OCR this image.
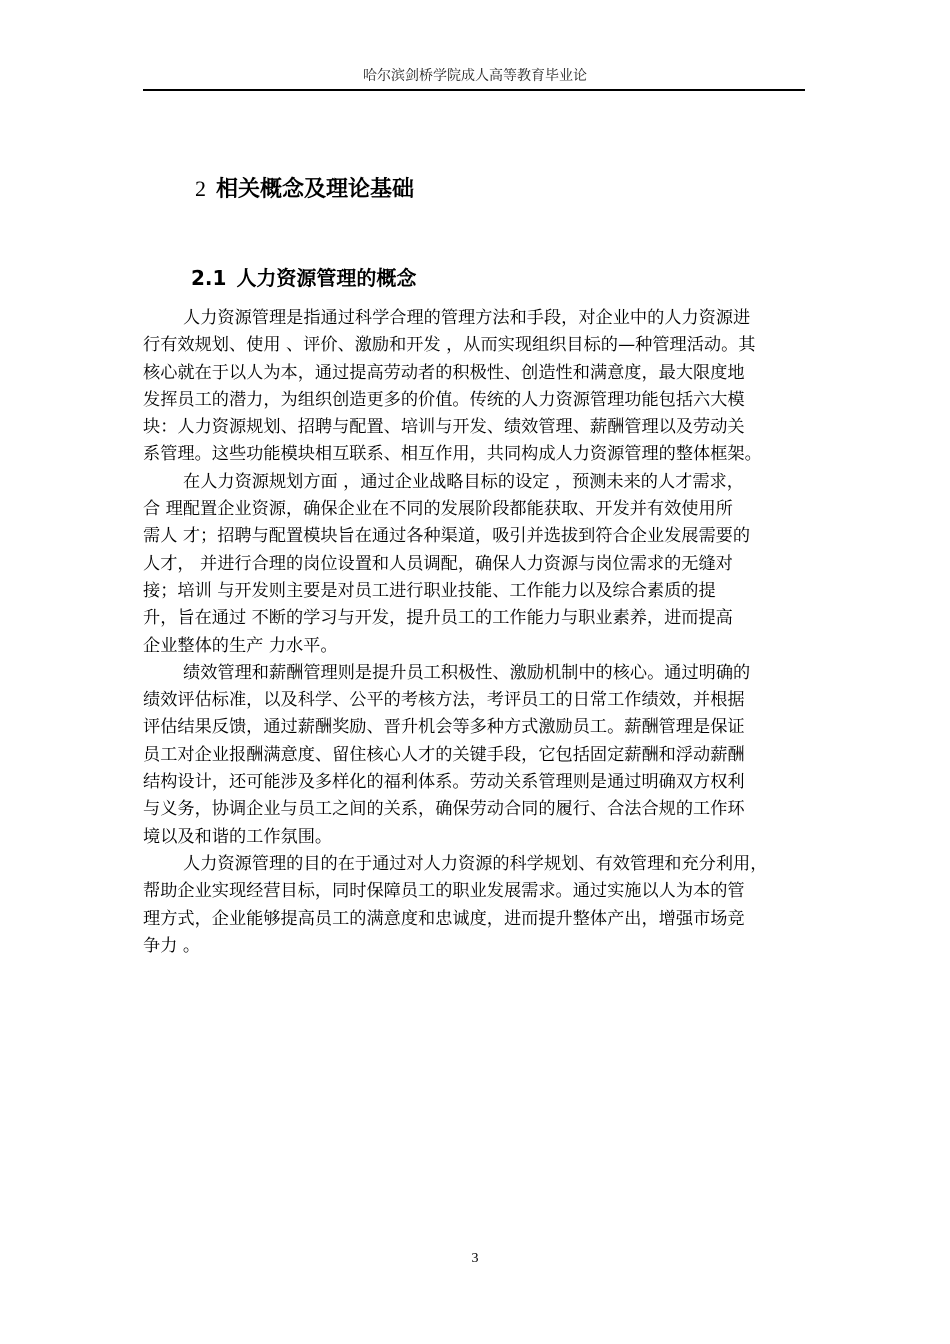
哈尔滨剑桥学院成人高等教育毕业论
2 相关概念及理论基础
2.1 人力资源管理的概念
人力资源管理是指通过科学合理的管理方法和手段，对企业中的人力资源进
行有效规划、使用 、评价、激励和开发 ，从而实现组织目标的—种管理活动。其
核心就在于以人为本，通过提高劳动者的积极性、创造性和满意度，最大限度地
发挥员工的潜力，为组织创造更多的价值。传统的人力资源管理功能包括六大模
块：人力资源规划、招聘与配置、培训与开发、绩效管理、薪酬管理以及劳动关
系管理。这些功能模块相互联系、相互作用，共同构成人力资源管理的整体框架。
在人力资源规划方面 ，通过企业战略目标的设定 ，预测未来的人才需求，
合 理配置企业资源，确保企业在不同的发展阶段都能获取、开发并有效使用所
需人 才；招聘与配置模块旨在通过各种渠道，吸引并选拔到符合企业发展需要的
人才， 并进行合理的岗位设置和人员调配，确保人力资源与岗位需求的无缝对
接；培训 与开发则主要是对员工进行职业技能、工作能力以及综合素质的提
升，旨在通过 不断的学习与开发，提升员工的工作能力与职业素养，进而提高
企业整体的生产 力水平。
绩效管理和薪酬管理则是提升员工积极性、激励机制中的核心。通过明确的
绩效评估标准，以及科学、公平的考核方法，考评员工的日常工作绩效，并根据
评估结果反馈，通过薪酬奖励、晋升机会等多种方式激励员工。薪酬管理是保证
员工对企业报酬满意度、留住核心人才的关键手段，它包括固定薪酬和浮动薪酬
结构设计，还可能涉及多样化的福利体系。劳动关系管理则是通过明确双方权利
与义务，协调企业与员工之间的关系，确保劳动合同的履行、合法合规的工作环
境以及和谐的工作氛围。
人力资源管理的目的在于通过对人力资源的科学规划、有效管理和充分利用，
帮助企业实现经营目标，同时保障员工的职业发展需求。通过实施以人为本的管
理方式，企业能够提高员工的满意度和忠诚度，进而提升整体产出，增强市场竞
争力 。
3
